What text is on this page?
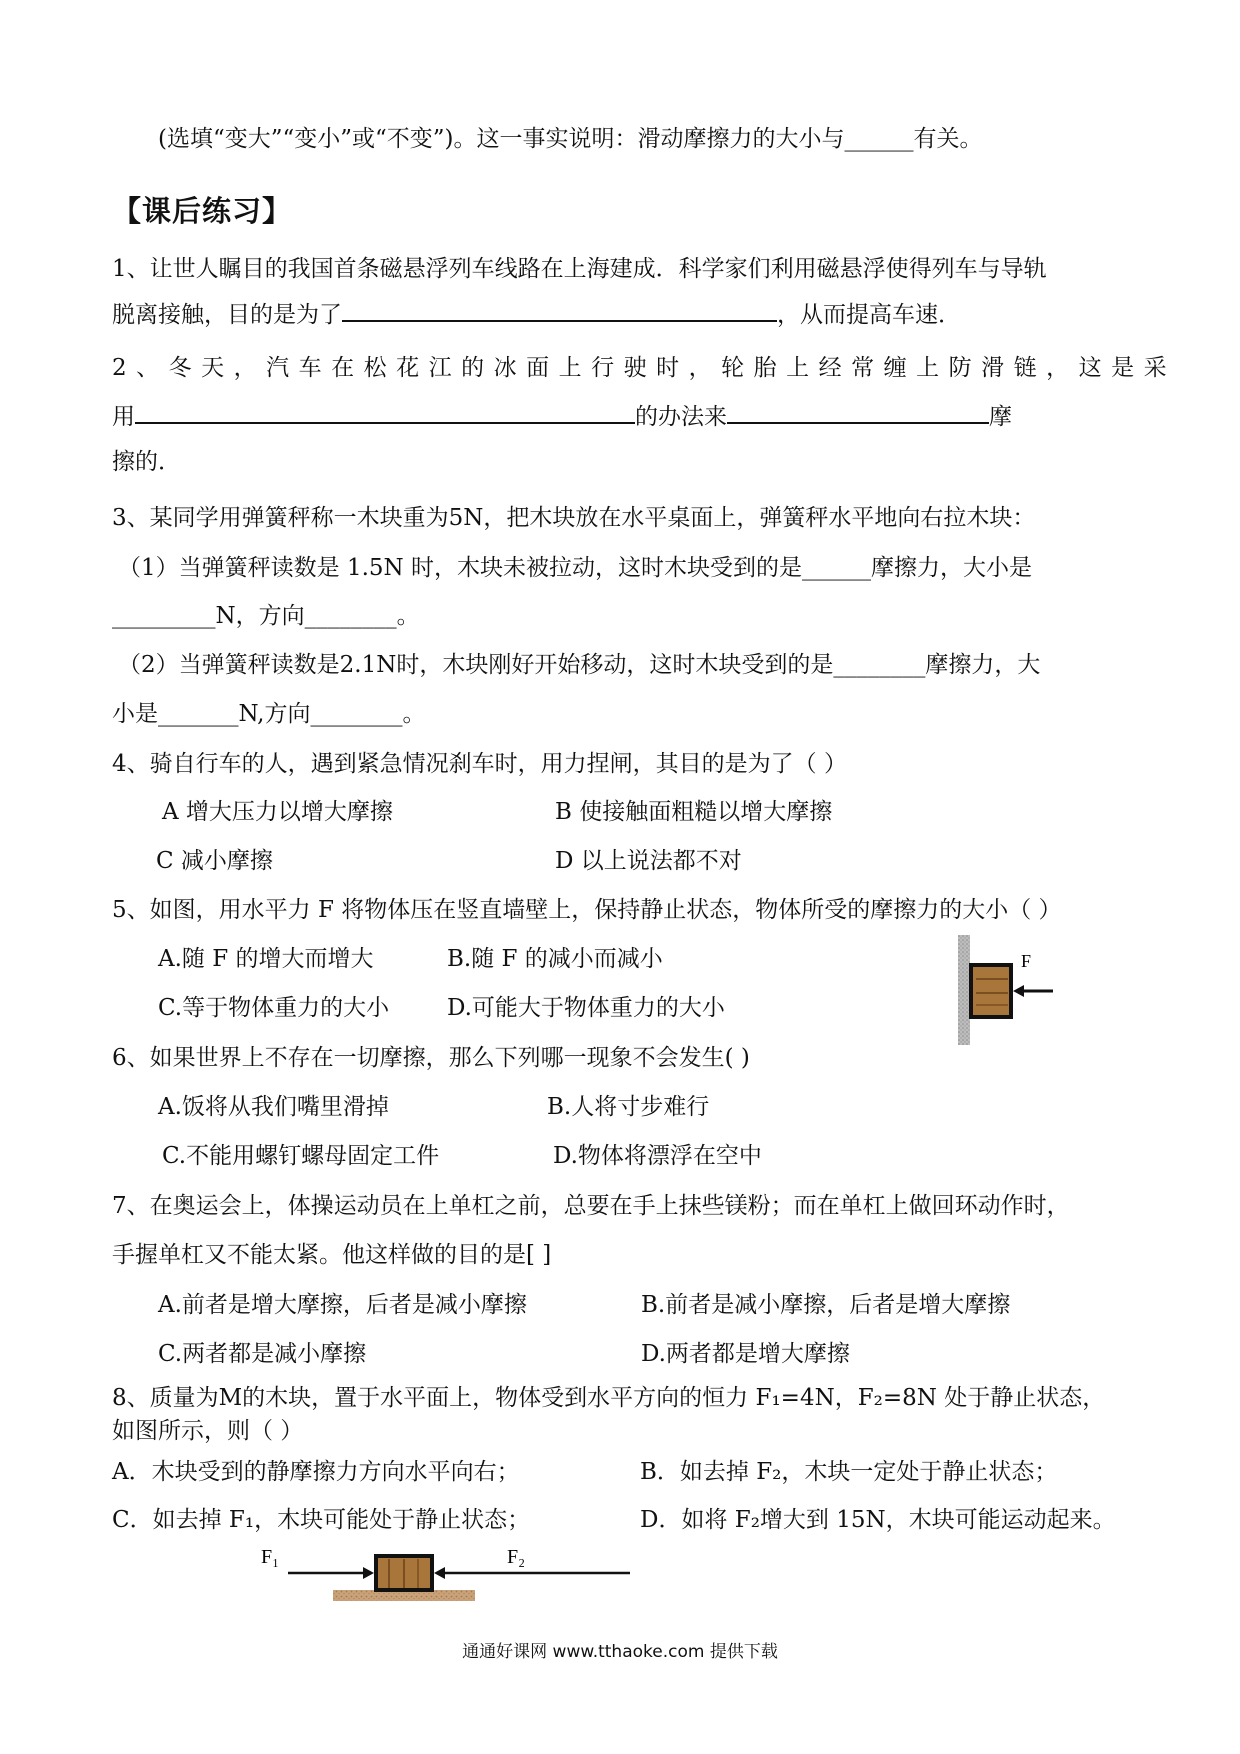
(选填“变大”“变小”或“不变”)。这一事实说明：滑动摩擦力的大小与______有关。
【课后练习】
1、让世人瞩目的我国首条磁悬浮列车线路在上海建成．科学家们利用磁悬浮使得列车与导轨
脱离接触，目的是为了	，从而提高车速．
2、冬天，汽车在松花江的冰面上行驶时，轮胎上经常缠上防滑链，这是采
用	的办法来	摩
擦的．
3、某同学用弹簧秤称一木块重为5N，把木块放在水平桌面上，弹簧秤水平地向右拉木块：
（1）当弹簧秤读数是 1.5N 时，木块未被拉动，这时木块受到的是______摩擦力，大小是
_________N，方向________。
（2）当弹簧秤读数是2.1N时，木块刚好开始移动，这时木块受到的是________摩擦力，大
小是_______N,方向________。
4、骑自行车的人，遇到紧急情况刹车时，用力捏闸，其目的是为了（ ）
A 增大压力以增大摩擦	B 使接触面粗糙以增大摩擦
C 减小摩擦	D 以上说法都不对
5、如图，用水平力 F 将物体压在竖直墙壁上，保持静止状态，物体所受的摩擦力的大小（ ）
A.随 F 的增大而增大	B.随 F 的减小而减小
C.等于物体重力的大小	D.可能大于物体重力的大小
F
6、如果世界上不存在一切摩擦，那么下列哪一现象不会发生( )
A.饭将从我们嘴里滑掉	B.人将寸步难行
C.不能用螺钉螺母固定工件	D.物体将漂浮在空中
7、在奥运会上，体操运动员在上单杠之前，总要在手上抹些镁粉；而在单杠上做回环动作时，
手握单杠又不能太紧。他这样做的目的是[ ]
A.前者是增大摩擦，后者是减小摩擦	B.前者是减小摩擦，后者是增大摩擦
C.两者都是减小摩擦	D.两者都是增大摩擦
8、质量为M的木块，置于水平面上，物体受到水平方向的恒力 F₁=4N，F₂=8N 处于静止状态，
如图所示，则（ ）
A．木块受到的静摩擦力方向水平向右；	B．如去掉 F₂，木块一定处于静止状态；
C．如去掉 F₁，木块可能处于静止状态；	D．如将 F₂增大到 15N，木块可能运动起来。
F₁	F₂
通通好课网 www.tthaoke.com 提供下载
